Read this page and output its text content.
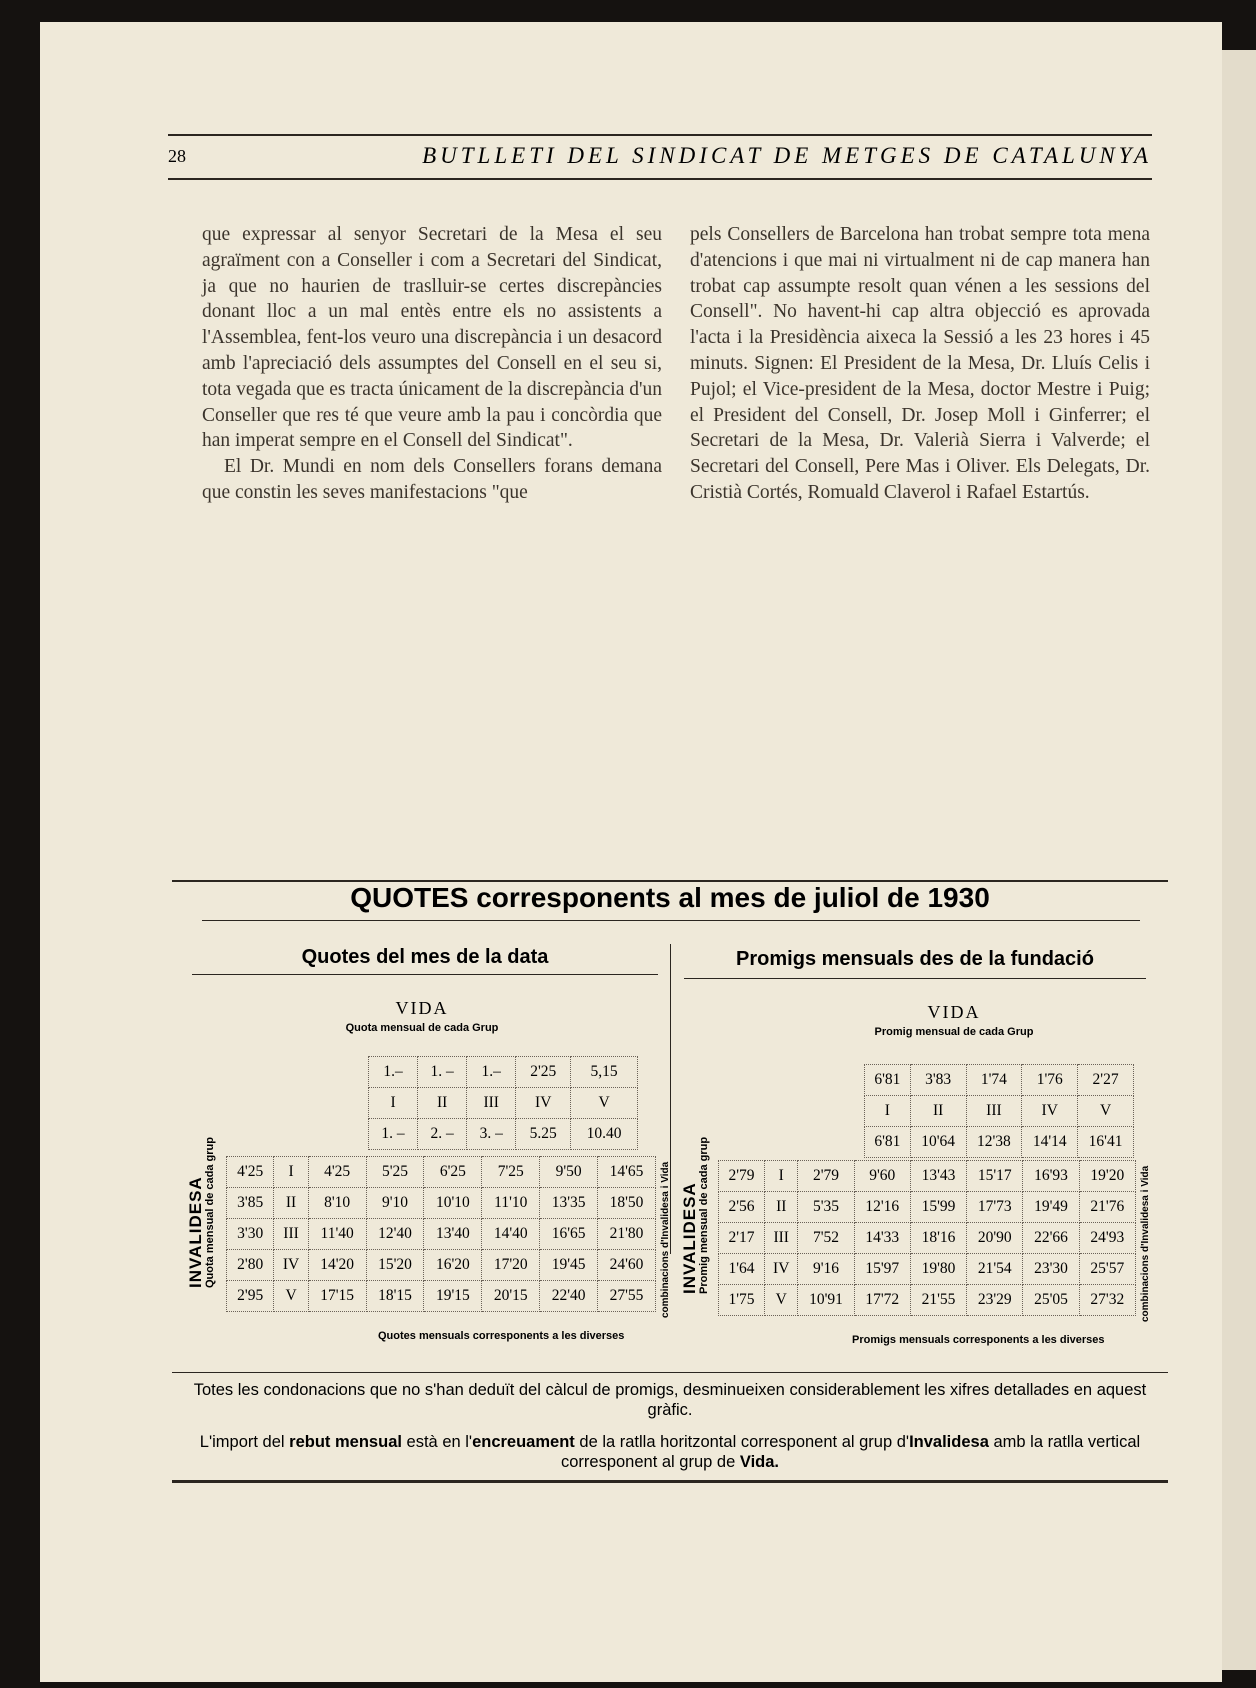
28	BUTLLETI DEL SINDICAT DE METGES DE CATALUNYA

que expressar al senyor Secretari de la Mesa el seu agraïment con a Conseller i com a Secretari del Sindicat, ja que no haurien de traslluir-se certes discrepàncies donant lloc a un mal entès entre els no assistents a l'Assemblea, fent-los veuro una discrepància i un desacord amb l'apreciació dels assumptes del Consell en el seu si, tota vegada que es tracta únicament de la discrepància d'un Conseller que res té que veure amb la pau i concòrdia que han imperat sempre en el Consell del Sindicat".

El Dr. Mundi en nom dels Consellers forans demana que constin les seves manifestacions "que

pels Consellers de Barcelona han trobat sempre tota mena d'atencions i que mai ni virtualment ni de cap manera han trobat cap assumpte resolt quan vénen a les sessions del Consell". No havent-hi cap altra objecció es aprovada l'acta i la Presidència aixeca la Sessió a les 23 hores i 45 minuts. Signen: El President de la Mesa, Dr. Lluís Celis i Pujol; el Vice-president de la Mesa, doctor Mestre i Puig; el President del Consell, Dr. Josep Moll i Ginferrer; el Secretari de la Mesa, Dr. Valerià Sierra i Valverde; el Secretari del Consell, Pere Mas i Oliver. Els Delegats, Dr. Cristià Cortés, Romuald Claverol i Rafael Estartús.

QUOTES corresponents al mes de juliol de 1930
Quotes del mes de la data
VIDA
Quota mensual de cada Grup
1.–	1. –	1.–	2'25	5,15
I	II	III	IV	V
1. –	2. –	3. –	5.25	10.40
INVALIDESA Quota mensual de cada grup 4'25	I	4'25	5'25	6'25	7'25	9'50	14'65
3'85	II	8'10	9'10	10'10	11'10	13'35	18'50
3'30	III	11'40	12'40	13'40	14'40	16'65	21'80
2'80	IV	14'20	15'20	16'20	17'20	19'45	24'60
2'95	V	17'15	18'15	19'15	20'15	22'40	27'55 combinacions d'Invalidesa i Vida
Quotes mensuals corresponents a les diverses
Promigs mensuals des de la fundació
VIDA
Promig mensual de cada Grup
6'81	3'83	1'74	1'76	2'27
I	II	III	IV	V
6'81	10'64	12'38	14'14	16'41
INVALIDESA Promig mensual de cada grup 2'79	I	2'79	9'60	13'43	15'17	16'93	19'20
2'56	II	5'35	12'16	15'99	17'73	19'49	21'76
2'17	III	7'52	14'33	18'16	20'90	22'66	24'93
1'64	IV	9'16	15'97	19'80	21'54	23'30	25'57
1'75	V	10'91	17'72	21'55	23'29	25'05	27'32 combinacions d'Invalidesa i Vida
Promigs mensuals corresponents a les diverses
Totes les condonacions que no s'han deduït del càlcul de promigs, desminueixen considerablement les xifres detallades en aquest gràfic.
L'import del rebut mensual està en l'encreuament de la ratlla horitzontal corresponent al grup d'Invalidesa amb la ratlla vertical corresponent al grup de Vida.
